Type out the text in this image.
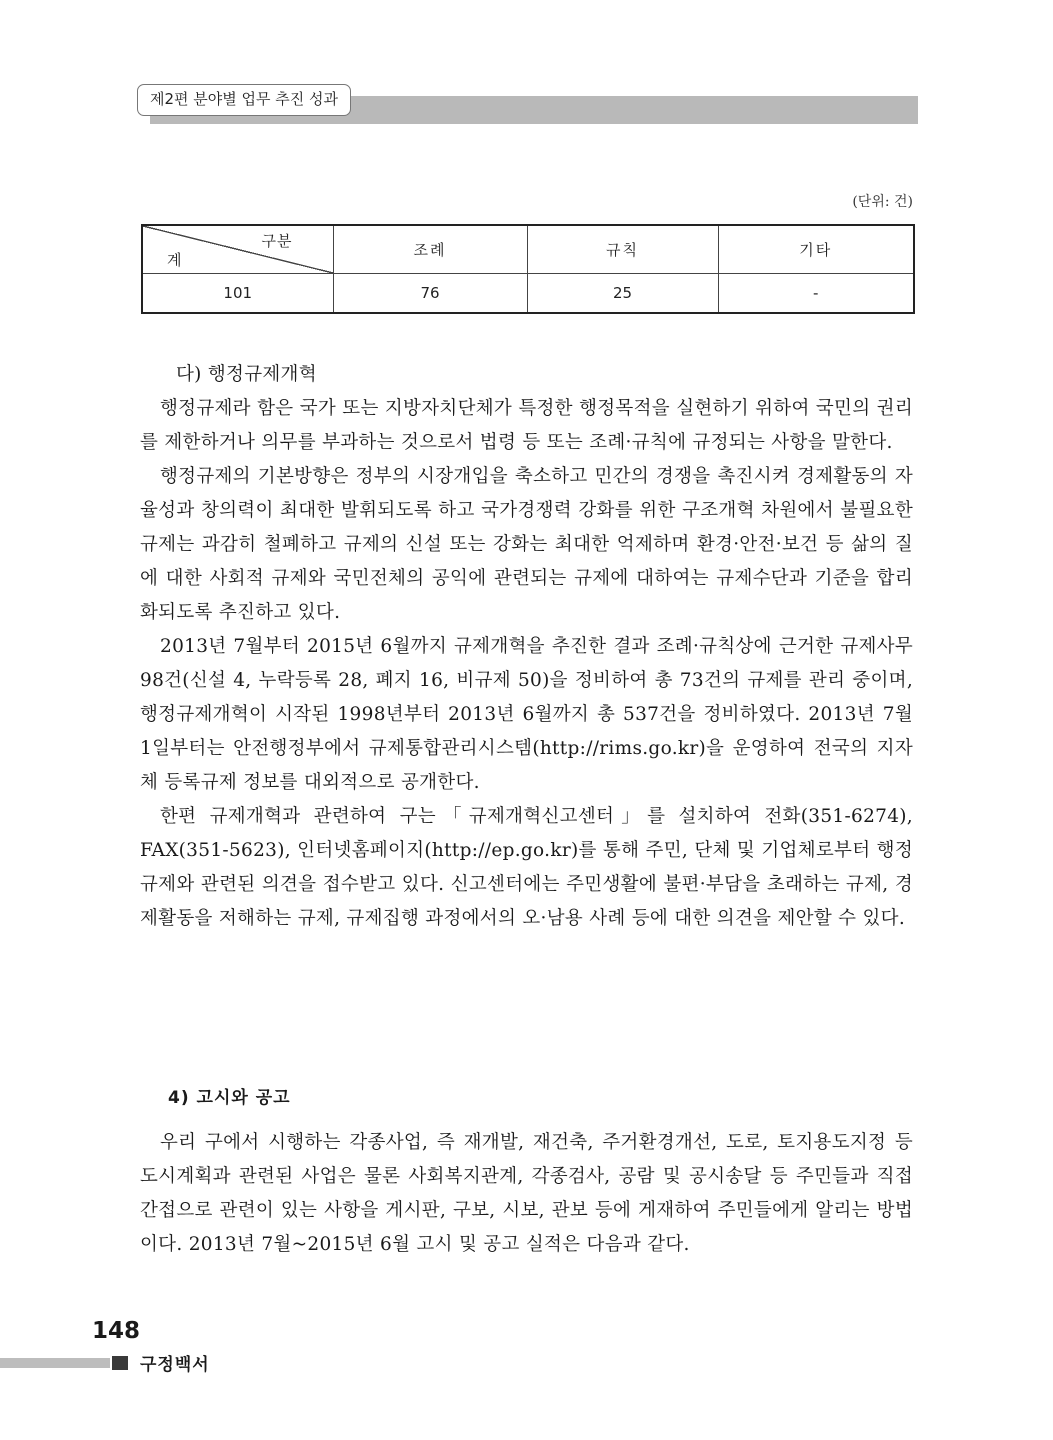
제2편 분야별 업무 추진 성과
(단위: 건)
구분
계	조례	규칙	기타
101	76	25	-

다) 행정규제개혁

행정규제라 함은 국가 또는 지방자치단체가 특정한 행정목적을 실현하기 위하여 국민의 권리를 제한하거나 의무를 부과하는 것으로서 법령 등 또는 조례·규칙에 규정되는 사항을 말한다.

행정규제의 기본방향은 정부의 시장개입을 축소하고 민간의 경쟁을 촉진시켜 경제활동의 자율성과 창의력이 최대한 발휘되도록 하고 국가경쟁력 강화를 위한 구조개혁 차원에서 불필요한 규제는 과감히 철폐하고 규제의 신설 또는 강화는 최대한 억제하며 환경·안전·보건 등 삶의 질에 대한 사회적 규제와 국민전체의 공익에 관련되는 규제에 대하여는 규제수단과 기준을 합리화되도록 추진하고 있다.

2013년 7월부터 2015년 6월까지 규제개혁을 추진한 결과 조례·규칙상에 근거한 규제사무 98건(신설 4, 누락등록 28, 폐지 16, 비규제 50)을 정비하여 총 73건의 규제를 관리 중이며, 행정규제개혁이 시작된 1998년부터 2013년 6월까지 총 537건을 정비하였다. 2013년 7월 1일부터는 안전행정부에서 규제통합관리시스템(http://rims.go.kr)을 운영하여 전국의 지자체 등록규제 정보를 대외적으로 공개한다.

한편 규제개혁과 관련하여 구는「규제개혁신고센터」를 설치하여 전화(351-6274), FAX(351-5623), 인터넷홈페이지(http://ep.go.kr)를 통해 주민, 단체 및 기업체로부터 행정규제와 관련된 의견을 접수받고 있다. 신고센터에는 주민생활에 불편·부담을 초래하는 규제, 경제활동을 저해하는 규제, 규제집행 과정에서의 오·남용 사례 등에 대한 의견을 제안할 수 있다.

4) 고시와 공고

우리 구에서 시행하는 각종사업, 즉 재개발, 재건축, 주거환경개선, 도로, 토지용도지정 등 도시계획과 관련된 사업은 물론 사회복지관계, 각종검사, 공람 및 공시송달 등 주민들과 직접 간접으로 관련이 있는 사항을 게시판, 구보, 시보, 관보 등에 게재하여 주민들에게 알리는 방법이다. 2013년 7월~2015년 6월 고시 및 공고 실적은 다음과 같다.

148
구정백서
